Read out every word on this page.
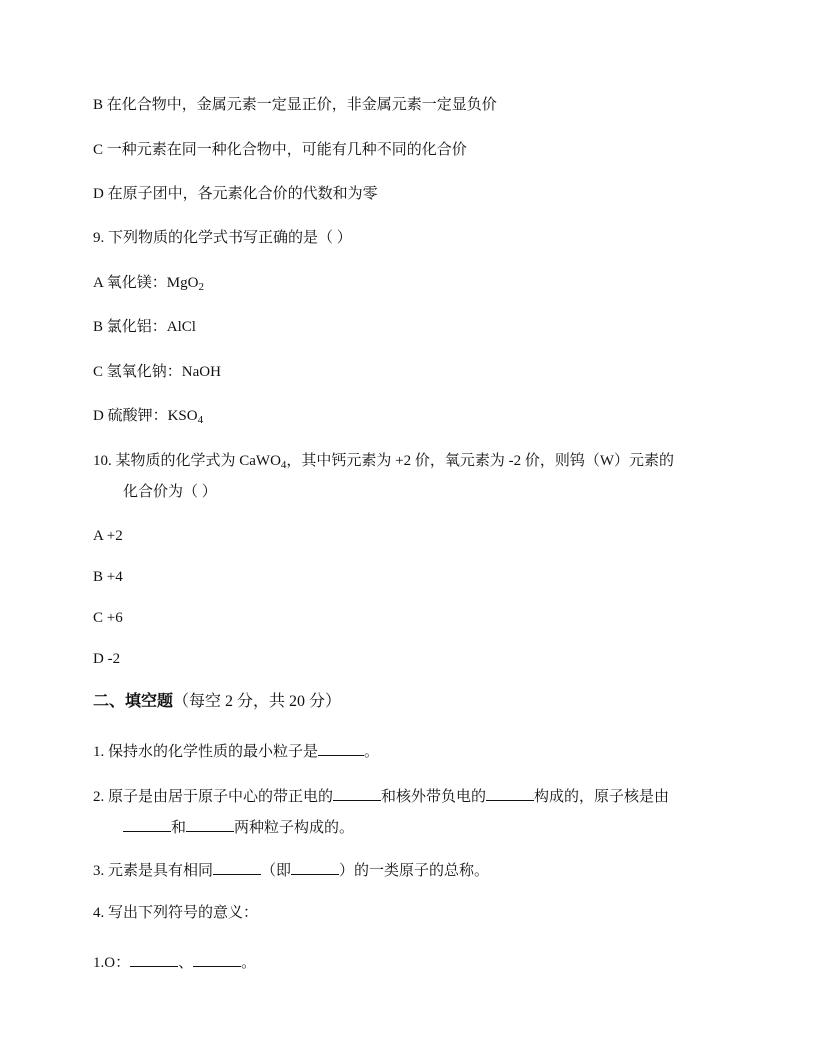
B 在化合物中，金属元素一定显正价，非金属元素一定显负价
C 一种元素在同一种化合物中，可能有几种不同的化合价
D 在原子团中，各元素化合价的代数和为零
9. 下列物质的化学式书写正确的是（ ）
A 氧化镁：MgO$_2$
B 氯化铝：AlCl
C 氢氧化钠：NaOH
D 硫酸钾：$KSO_4$
10. 某物质的化学式为 CaWO$_4$，其中钙元素为 +2 价，氧元素为 -2 价，则钨（W）元素的
化合价为（ ）
A +2
B +4
C +6
D -2
二、填空题（每空 2 分，共 20 分）
1. 保持水的化学性质的最小粒子是	。
2. 原子是由居于原子中心的带正电的	和核外带负电的	构成的，原子核是由
和	两种粒子构成的。
3. 元素是具有相同	（即	）的一类原子的总称。
4. 写出下列符号的意义：
1.O：	、	。
